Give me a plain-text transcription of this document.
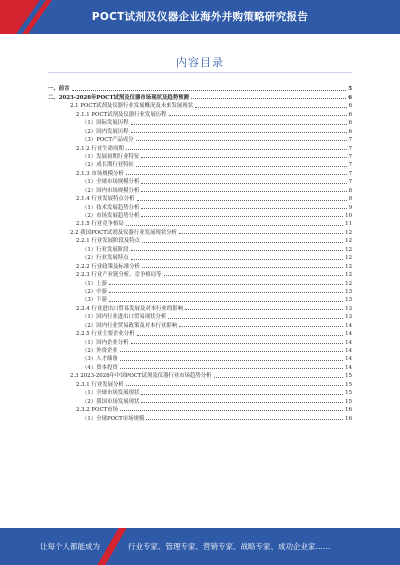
POCT试剂及仪器企业海外并购策略研究报告
内容目录
一、前言	5
二、2023-2028年POCT试剂及仪器市场现状及趋势预测	6
2.1 POCT试剂及仪器行业发展概况及未来发展现状	6
2.1.1 POCT试剂及仪器行业发展历程	6
（1）国际发展历程	6
（2）国内发展历程	6
（3）POCT产品成分	7
2.1.2 行业生命周期	7
（1）发展初期行业特征	7
（2）成长期行业特征	7
2.1.3 市场规模分析	7
（1）全球市场规模分析	7
（2）国内市场规模分析	8
2.1.4 行业发展特点分析	9
（1）技术发展趋势分析	9
（2）市场发展趋势分析	10
2.1.5 行业竞争格局	11
2.2 我国POCT试剂及仪器行业发展现状分析	12
2.2.1 行业发展阶段及特点	12
（1）行业发展阶段	12
（2）行业发展特点	12
2.2.2 行业政策及标准分析	12
2.2.3 行业产业链分析、竞争格局等	12
（1）上游	12
（2）中游	13
（3）下游	13
2.2.4 行业进出口贸易发展及对本行业的影响	13
（1）国内行业进出口贸易现状分析	13
（2）国内行业贸易政策及对本行业影响	14
2.2.5 行业主要企业分析	14
（1）国内企业分析	14
（2）外资企业	14
（3）人才储备	14
（4）资本投资	14
2.3 2023-2028年中国POCT试剂及仪器行业市场趋势分析	15
2.3.1 行业发展分析	15
（1）全球市场发展现状	15
（2）我国市场发展现状	15
2.3.2 POCT市场	16
（1）全球POCT市场规模	16
让每个人都能成为	行业专家、管理专家、营销专家、战略专家、成功企业家……
